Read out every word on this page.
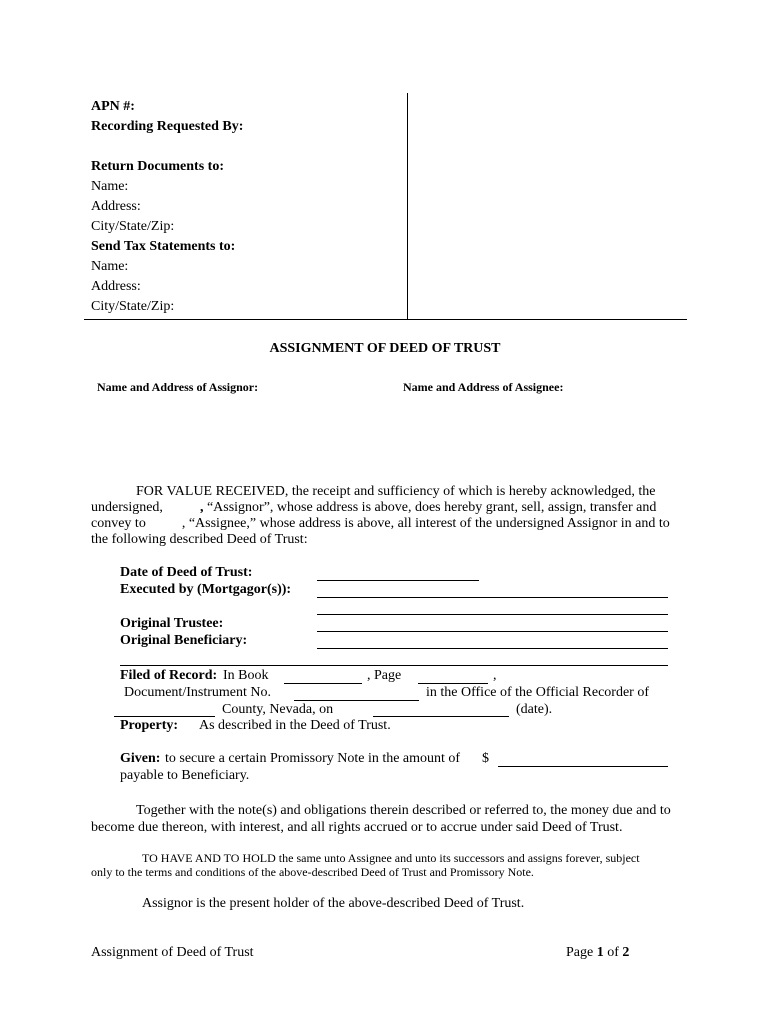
APN #:
Recording Requested By:
Return Documents to:
Name:
Address:
City/State/Zip:
Send Tax Statements to:
Name:
Address:
City/State/Zip:
ASSIGNMENT OF DEED OF TRUST
Name and Address of Assignor:	Name and Address of Assignee:
FOR VALUE RECEIVED, the receipt and sufficiency of which is hereby acknowledged, the
undersigned,	, “Assignor”, whose address is above, does hereby grant, sell, assign, transfer and
convey to	, “Assignee,” whose address is above, all interest of the undersigned Assignor in and to
the following described Deed of Trust:
Date of Deed of Trust:
Executed by (Mortgagor(s)):
Original Trustee:
Original Beneficiary:
Filed of Record: In Book	, Page	,
Document/Instrument No.	in the Office of the Official Recorder of
County, Nevada, on	(date).
Property: As described in the Deed of Trust.
Given: to secure a certain Promissory Note in the amount of $
payable to Beneficiary.
Together with the note(s) and obligations therein described or referred to, the money due and to
become due thereon, with interest, and all rights accrued or to accrue under said Deed of Trust.
TO HAVE AND TO HOLD the same unto Assignee and unto its successors and assigns forever, subject
only to the terms and conditions of the above-described Deed of Trust and Promissory Note.
Assignor is the present holder of the above-described Deed of Trust.
Assignment of Deed of Trust	Page 1 of 2
